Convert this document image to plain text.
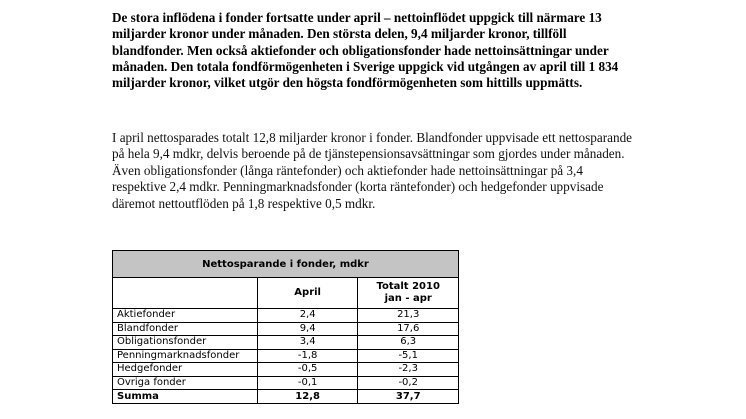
De stora inflödena i fonder fortsatte under april – nettoinflödet uppgick till närmare 13 miljarder kronor under månaden. Den största delen, 9,4 miljarder kronor, tillföll blandfonder. Men också aktiefonder och obligationsfonder hade nettoinsättningar under månaden. Den totala fondförmögenheten i Sverige uppgick vid utgången av april till 1 834 miljarder kronor, vilket utgör den högsta fondförmögenheten som hittills uppmätts.

I april nettosparades totalt 12,8 miljarder kronor i fonder. Blandfonder uppvisade ett nettosparande på hela 9,4 mdkr, delvis beroende på de tjänstepensionsavsättningar som gjordes under månaden. Även obligationsfonder (långa räntefonder) och aktiefonder hade nettoinsättningar på 3,4 respektive 2,4 mdkr. Penningmarknadsfonder (korta räntefonder) och hedgefonder uppvisade däremot nettoutflöden på 1,8 respektive 0,5 mdkr.

Nettosparande i fonder, mdkr		
	April	Totalt 2010
jan - apr
Aktiefonder	2,4	21,3
Blandfonder	9,4	17,6
Obligationsfonder	3,4	6,3
Penningmarknadsfonder	-1,8	-5,1
Hedgefonder	-0,5	-2,3
Övriga fonder	-0,1	-0,2
Summa	12,8	37,7
